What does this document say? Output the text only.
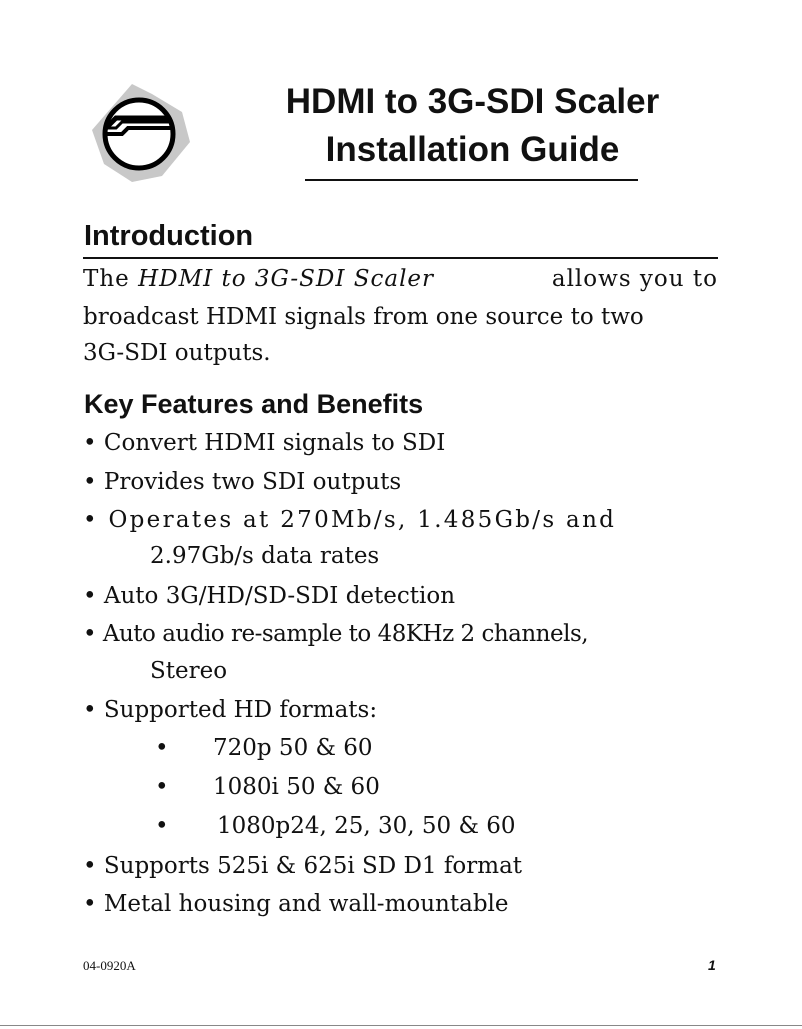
HDMI to 3G-SDI Scaler
Installation Guide
Introduction
The HDMI to 3G-SDI Scaler	allows you to
broadcast HDMI signals from one source to two
3G-SDI outputs.
Key Features and Benefits
• Convert HDMI signals to SDI
• Provides two SDI outputs
• Operates at 270Mb/s, 1.485Gb/s and
2.97Gb/s data rates
• Auto 3G/HD/SD-SDI detection
• Auto audio re-sample to 48KHz 2 channels,
Stereo
• Supported HD formats:
• 720p 50 & 60
• 1080i 50 & 60
• 1080p24, 25, 30, 50 & 60
• Supports 525i & 625i SD D1 format
• Metal housing and wall-mountable
04-0920A	1
